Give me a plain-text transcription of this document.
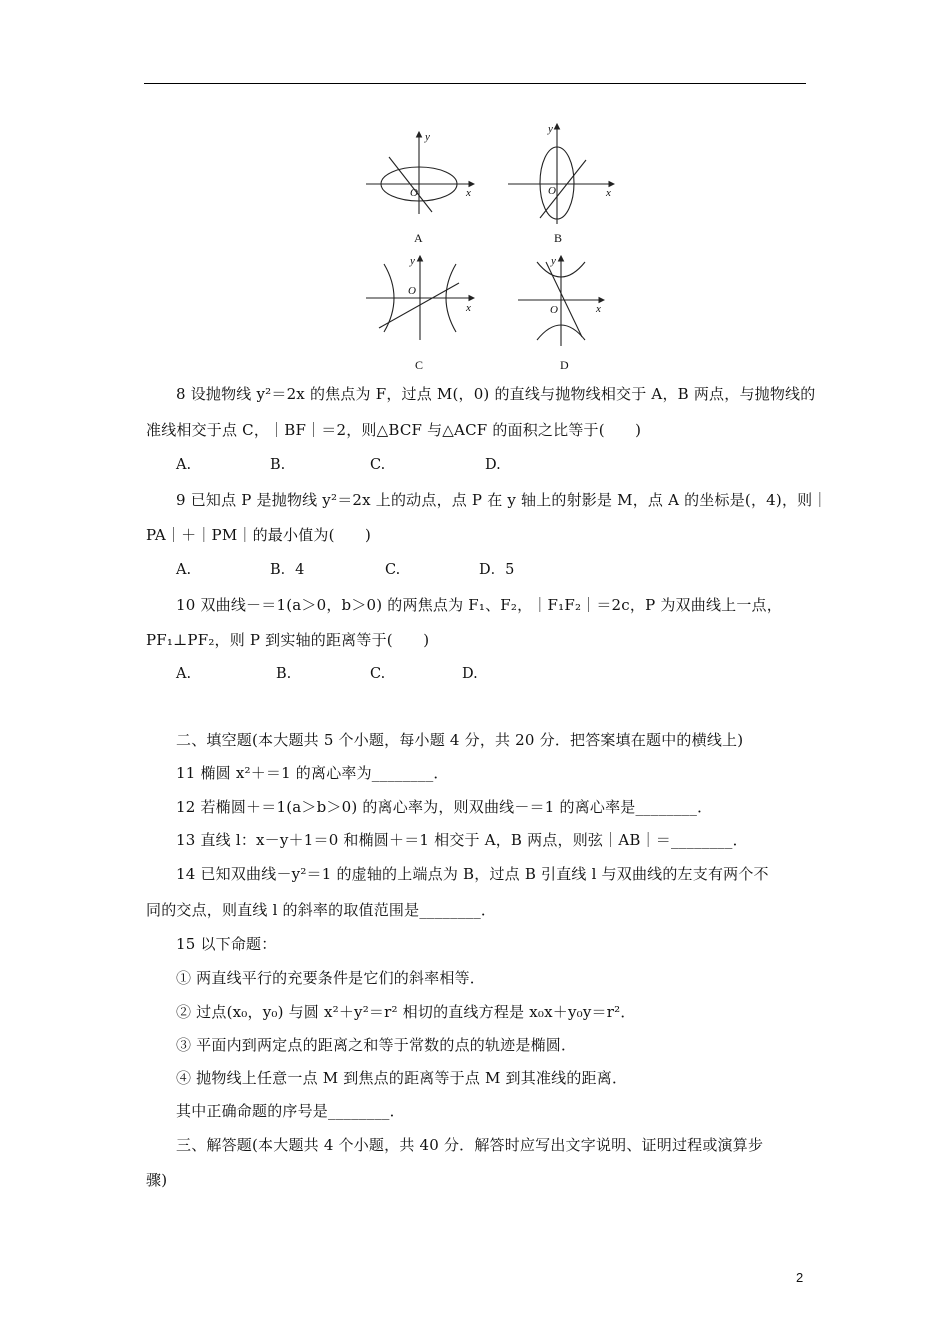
O	x
y
O	x
y
O
x
y
O	x
y
A	B
C	D
8 设抛物线 y²＝2x 的焦点为 F，过点 M(，0) 的直线与抛物线相交于 A，B 两点，与抛物线的
准线相交于点 C，｜BF｜＝2，则△BCF 与△ACF 的面积之比等于(　　)
A.	B.	C.	D.
9 已知点 P 是抛物线 y²＝2x 上的动点，点 P 在 y 轴上的射影是 M，点 A 的坐标是(，4)，则｜
PA｜＋｜PM｜的最小值为(　　)
A.	B．4	C.	D．5
10 双曲线－＝1(a＞0，b＞0) 的两焦点为 F₁、F₂，｜F₁F₂｜＝2c，P 为双曲线上一点，
PF₁⊥PF₂，则 P 到实轴的距离等于(　　)
A.	B.	C.	D.
二、填空题(本大题共 5 个小题，每小题 4 分，共 20 分．把答案填在题中的横线上)
11 椭圆 x²＋＝1 的离心率为________．
12 若椭圆＋＝1(a＞b＞0) 的离心率为，则双曲线－＝1 的离心率是________．
13 直线 l：x－y＋1＝0 和椭圆＋＝1 相交于 A，B 两点，则弦｜AB｜＝________．
14 已知双曲线－y²＝1 的虚轴的上端点为 B，过点 B 引直线 l 与双曲线的左支有两个不
同的交点，则直线 l 的斜率的取值范围是________．
15 以下命题：
① 两直线平行的充要条件是它们的斜率相等．
② 过点(x₀，y₀) 与圆 x²＋y²＝r² 相切的直线方程是 x₀x＋y₀y＝r²．
③ 平面内到两定点的距离之和等于常数的点的轨迹是椭圆．
④ 抛物线上任意一点 M 到焦点的距离等于点 M 到其准线的距离．
其中正确命题的序号是________．
三、解答题(本大题共 4 个小题，共 40 分．解答时应写出文字说明、证明过程或演算步
骤)
2
